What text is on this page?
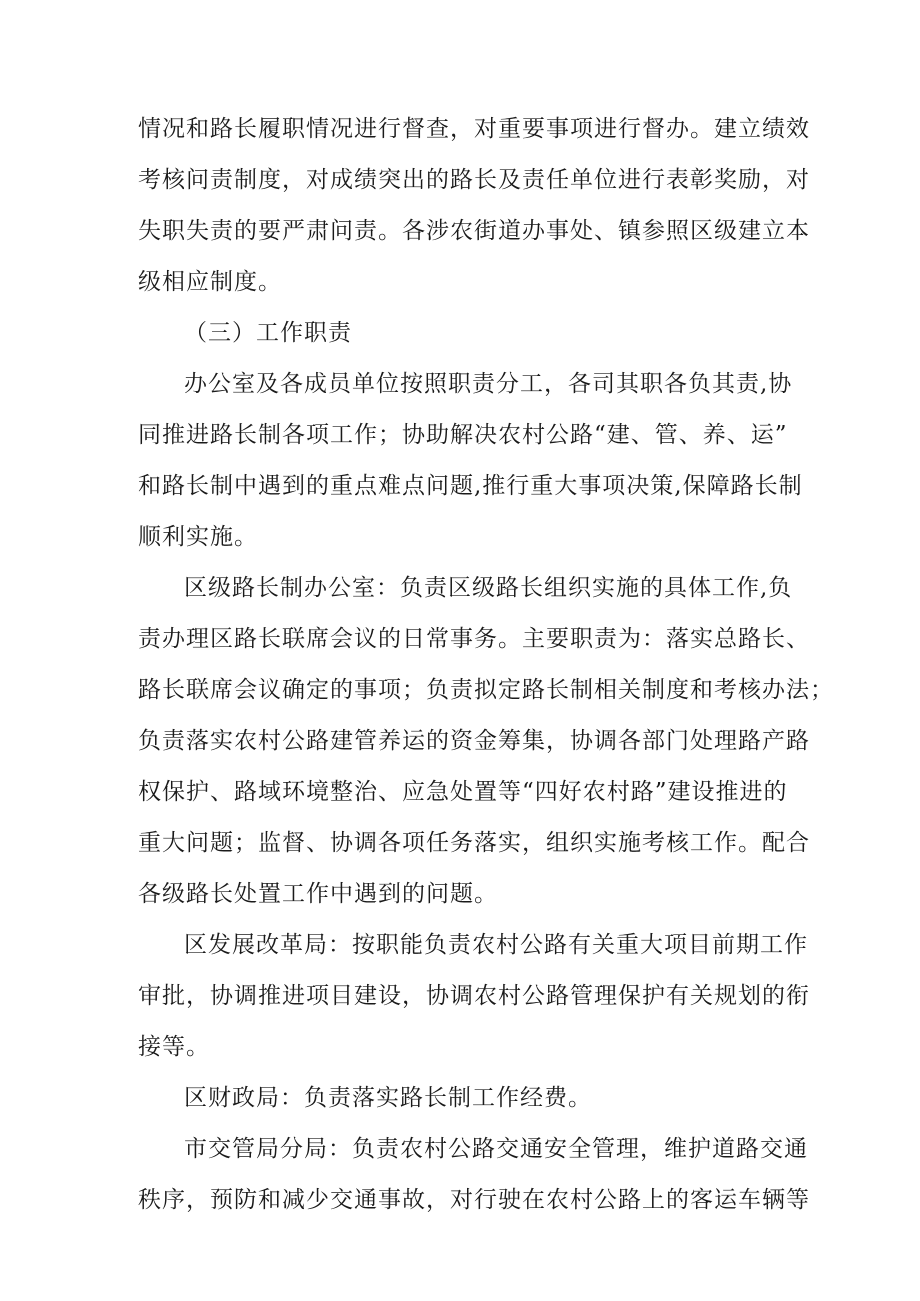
情况和路长履职情况进行督查，对重要事项进行督办。建立绩效
考核问责制度，对成绩突出的路长及责任单位进行表彰奖励，对
失职失责的要严肃问责。各涉农街道办事处、镇参照区级建立本
级相应制度。
（三）工作职责
办公室及各成员单位按照职责分工，各司其职各负其责,协
同推进路长制各项工作；协助解决农村公路“建、管、养、运”
和路长制中遇到的重点难点问题,推行重大事项决策,保障路长制
顺利实施。
区级路长制办公室：负责区级路长组织实施的具体工作,负
责办理区路长联席会议的日常事务。主要职责为：落实总路长、
路长联席会议确定的事项；负责拟定路长制相关制度和考核办法；
负责落实农村公路建管养运的资金筹集，协调各部门处理路产路
权保护、路域环境整治、应急处置等“四好农村路”建设推进的
重大问题；监督、协调各项任务落实，组织实施考核工作。配合
各级路长处置工作中遇到的问题。
区发展改革局：按职能负责农村公路有关重大项目前期工作
审批，协调推进项目建设，协调农村公路管理保护有关规划的衔
接等。
区财政局：负责落实路长制工作经费。
市交管局分局：负责农村公路交通安全管理，维护道路交通
秩序，预防和减少交通事故，对行驶在农村公路上的客运车辆等
